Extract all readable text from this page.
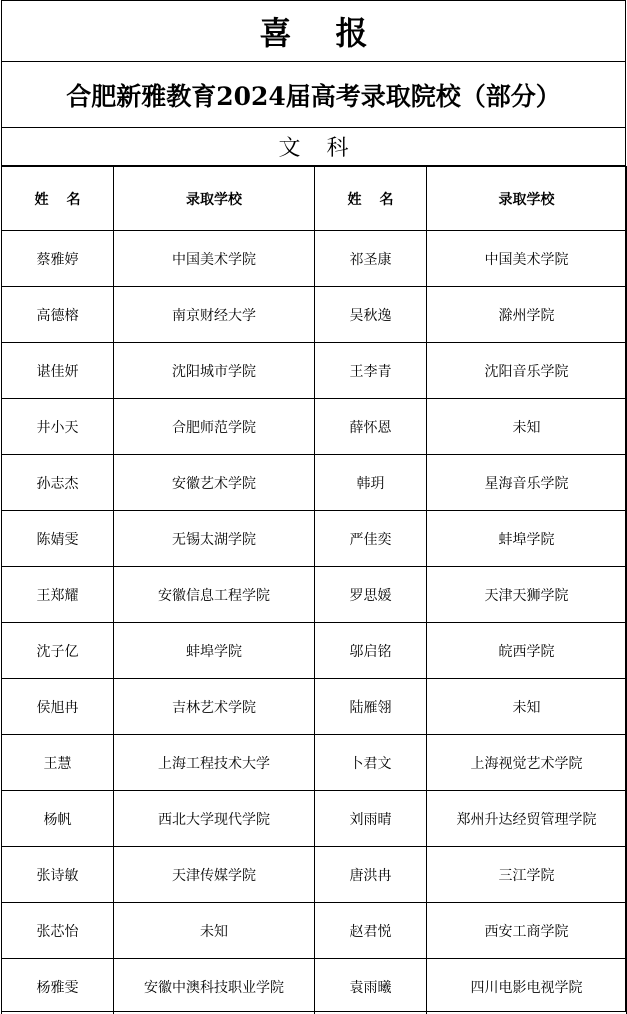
喜 报
合肥新雅教育2024届高考录取院校（部分）
文 科
姓 名	录取学校	姓 名	录取学校
蔡雅婷	中国美术学院	祁圣康	中国美术学院
高德榕	南京财经大学	吴秋逸	滁州学院
谌佳妍	沈阳城市学院	王李青	沈阳音乐学院
井小天	合肥师范学院	薛怀恩	未知
孙志杰	安徽艺术学院	韩玥	星海音乐学院
陈婧雯	无锡太湖学院	严佳奕	蚌埠学院
王郑耀	安徽信息工程学院	罗思媛	天津天狮学院
沈子亿	蚌埠学院	邬启铭	皖西学院
侯旭冉	吉林艺术学院	陆雁翎	未知
王慧	上海工程技术大学	卜君文	上海视觉艺术学院
杨帆	西北大学现代学院	刘雨晴	郑州升达经贸管理学院
张诗敏	天津传媒学院	唐洪冉	三江学院
张芯怡	未知	赵君悦	西安工商学院
杨雅雯	安徽中澳科技职业学院	袁雨曦	四川电影电视学院
